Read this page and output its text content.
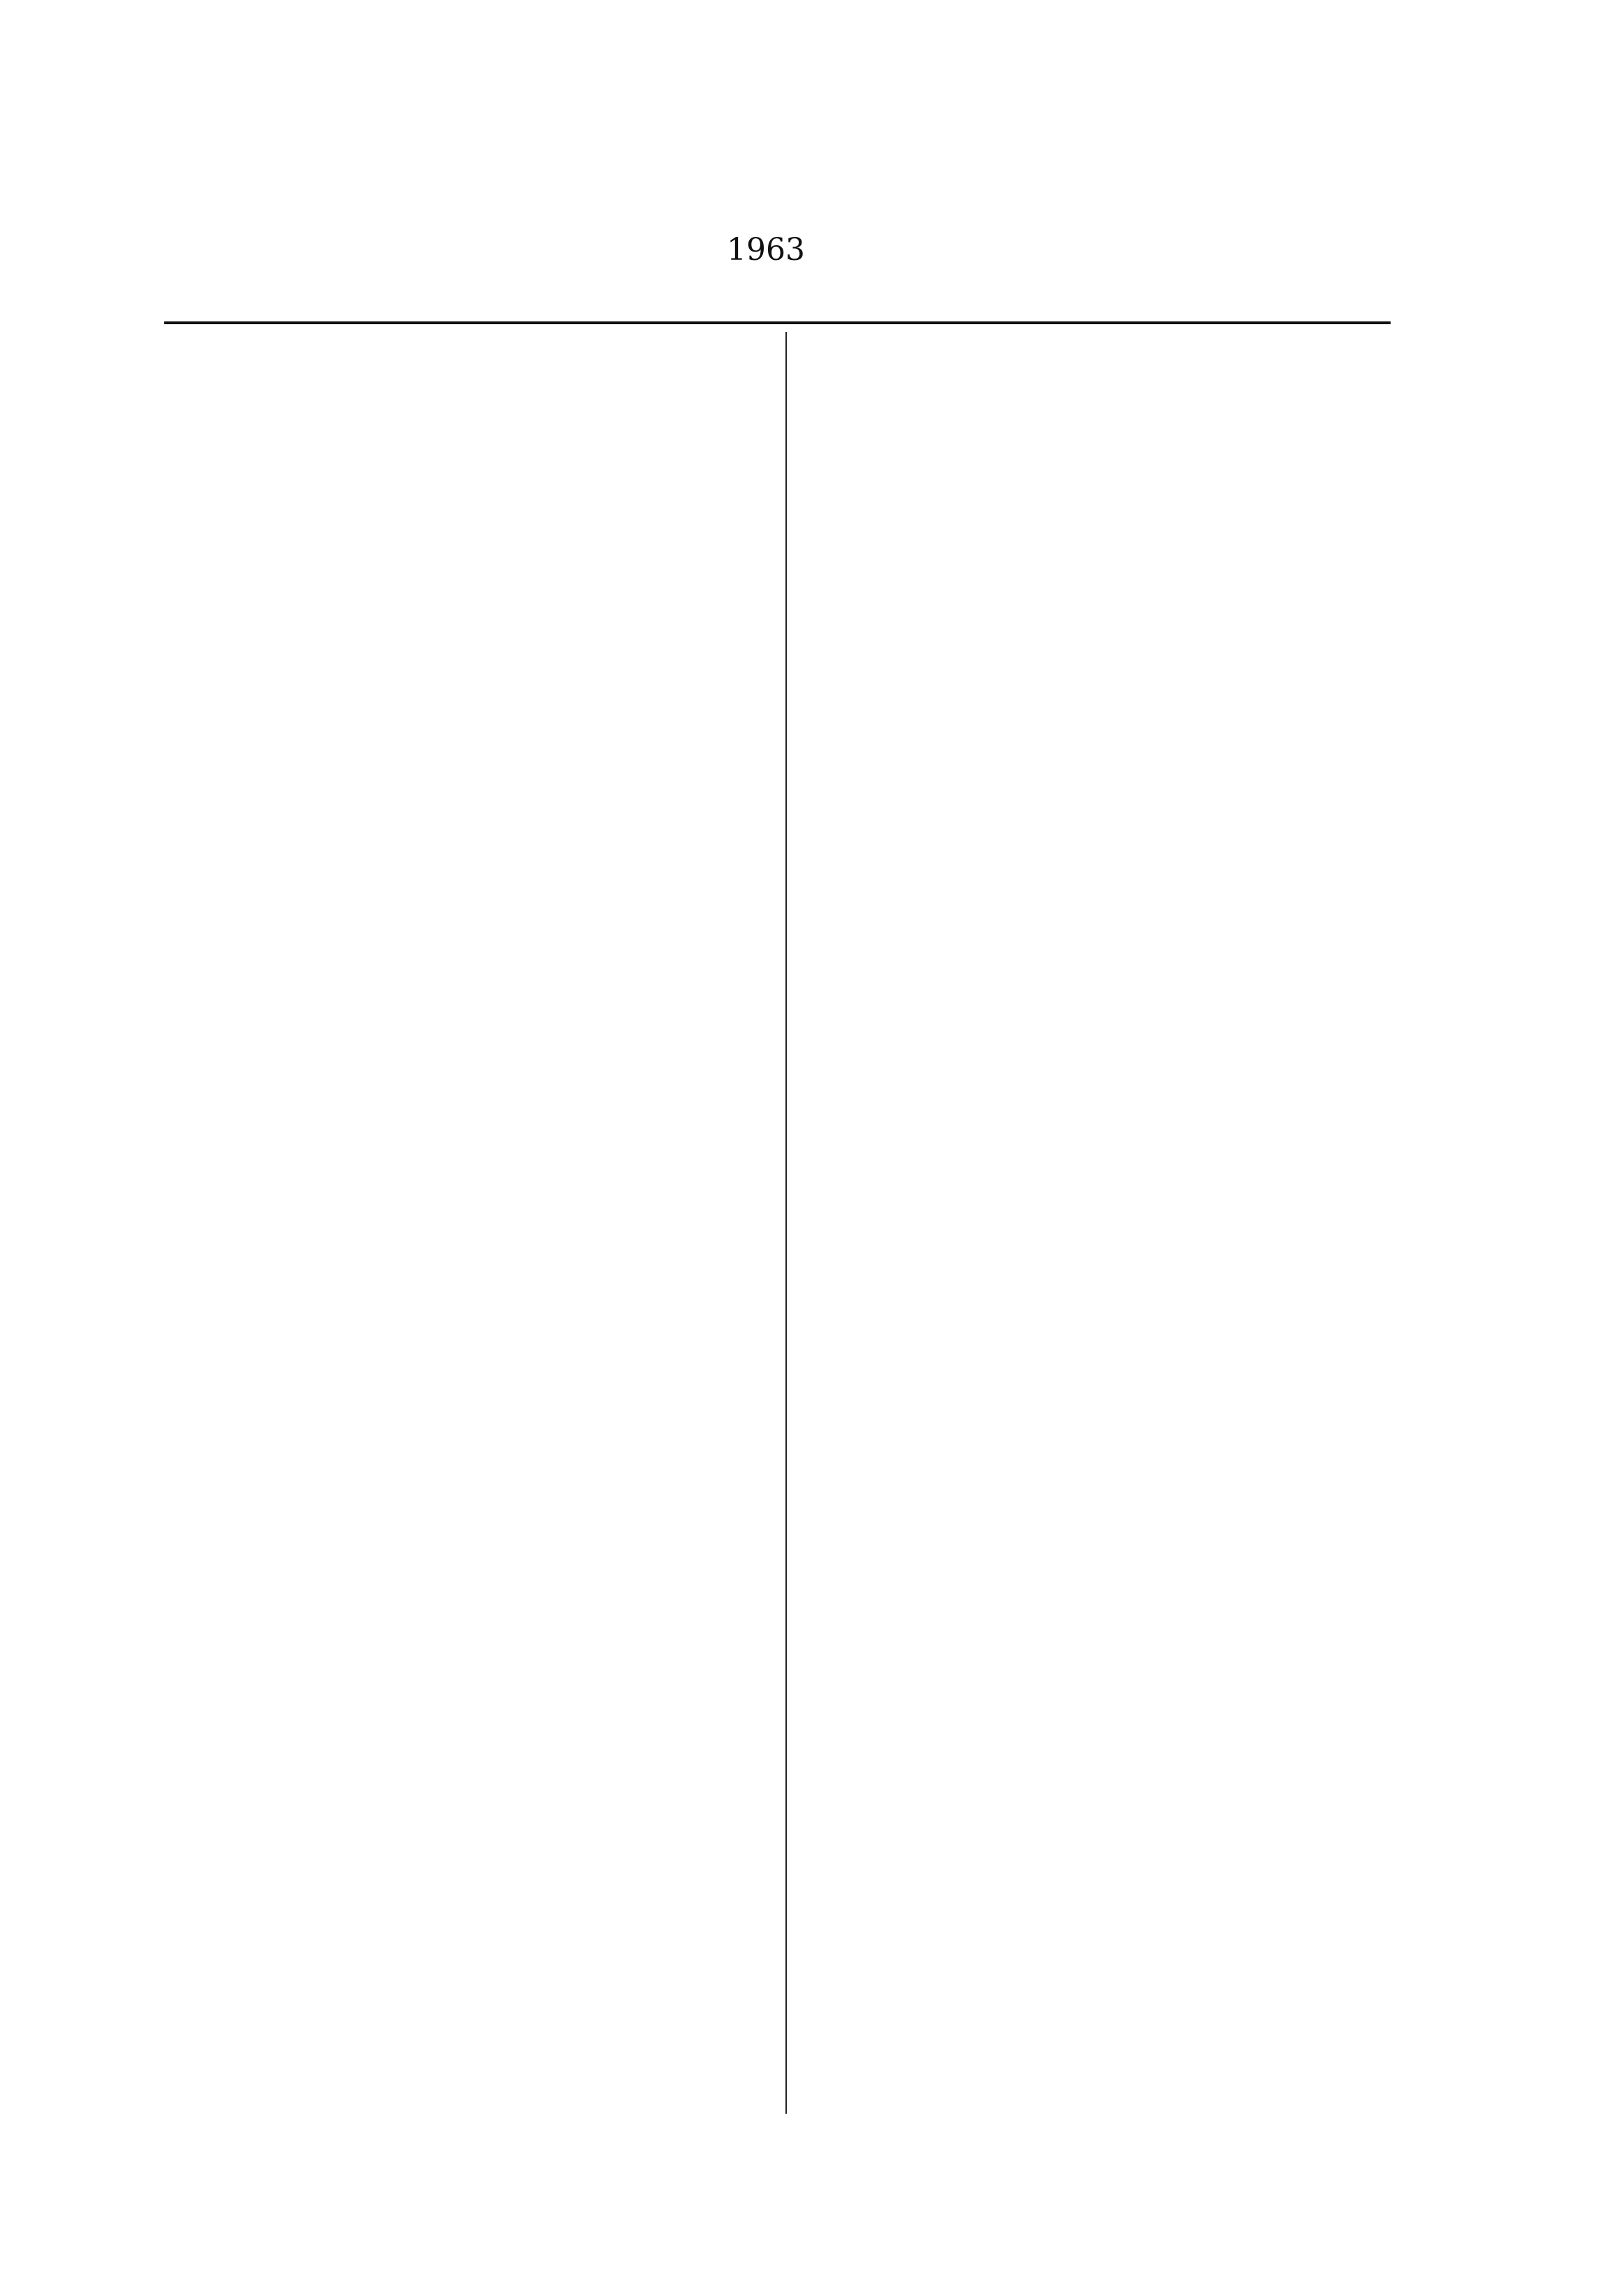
1963
